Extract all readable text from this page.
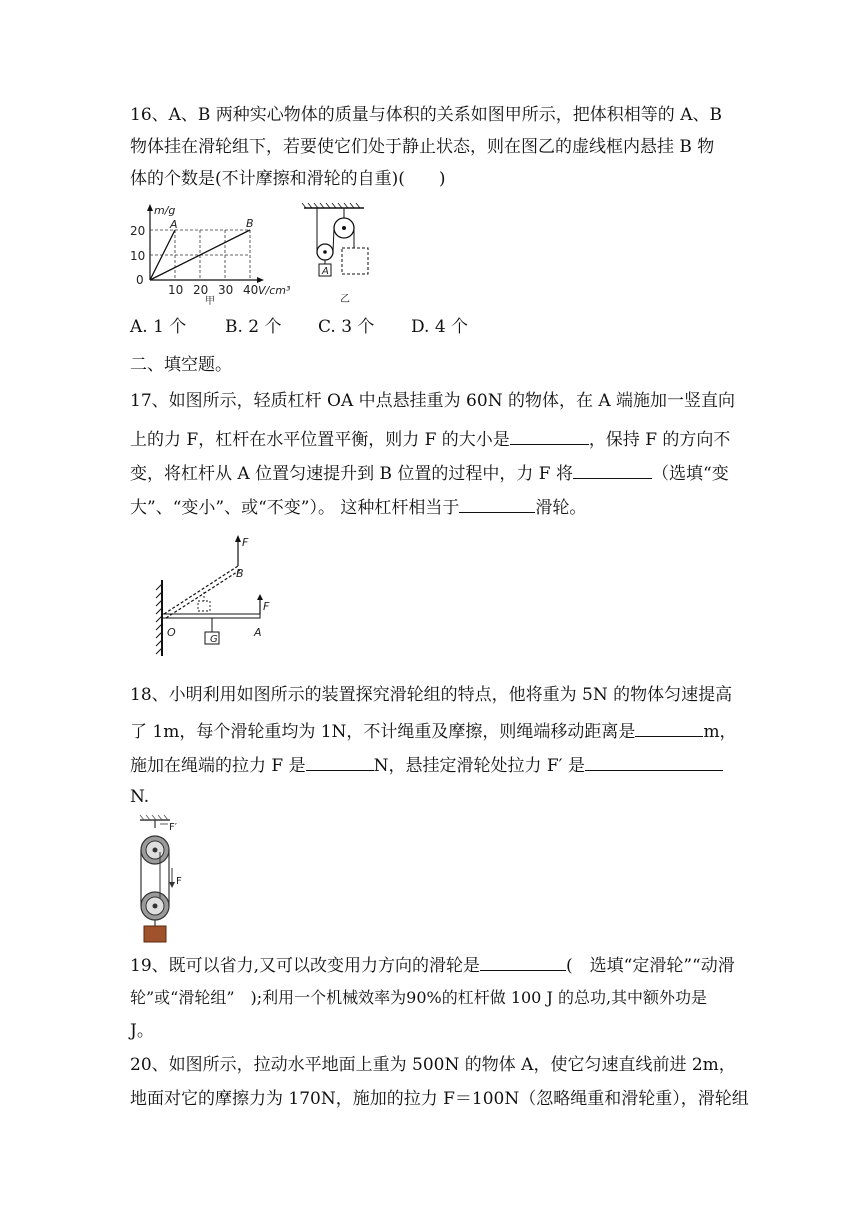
16、A、B 两种实心物体的质量与体积的关系如图甲所示，把体积相等的 A、B
物体挂在滑轮组下，若要使它们处于静止状态，则在图乙的虚线框内悬挂 B 物
体的个数是(不计摩擦和滑轮的自重)(　　)
m/g
A	B
20
10
0
10 20 30 40 V/cm³
甲
A
乙
A. 1 个 B. 2 个 C. 3 个 D. 4 个
二、填空题。
17、如图所示，轻质杠杆 OA 中点悬挂重为 60N 的物体，在 A 端施加一竖直向
上的力 F，杠杆在水平位置平衡，则力 F 的大小是	，保持 F 的方向不
变，将杠杆从 A 位置匀速提升到 B 位置的过程中，力 F 将	（选填“变
大”、“变小”、或“不变”）。 这种杠杆相当于	滑轮。
F
G
F
B
O	A
18、小明利用如图所示的装置探究滑轮组的特点，他将重为 5N 的物体匀速提高
了 1m，每个滑轮重均为 1N，不计绳重及摩擦，则绳端移动距离是	m，
施加在绳端的拉力 F 是	N，悬挂定滑轮处拉力 F′ 是
N.
F′
F
19、既可以省力,又可以改变用力方向的滑轮是	(　选填“定滑轮”“动滑
轮”或“滑轮组”　);利用一个机械效率为90%的杠杆做 100 J 的总功,其中额外功是
J。
20、如图所示，拉动水平地面上重为 500N 的物体 A，使它匀速直线前进 2m，
地面对它的摩擦力为 170N，施加的拉力 F＝100N（忽略绳重和滑轮重），滑轮组
